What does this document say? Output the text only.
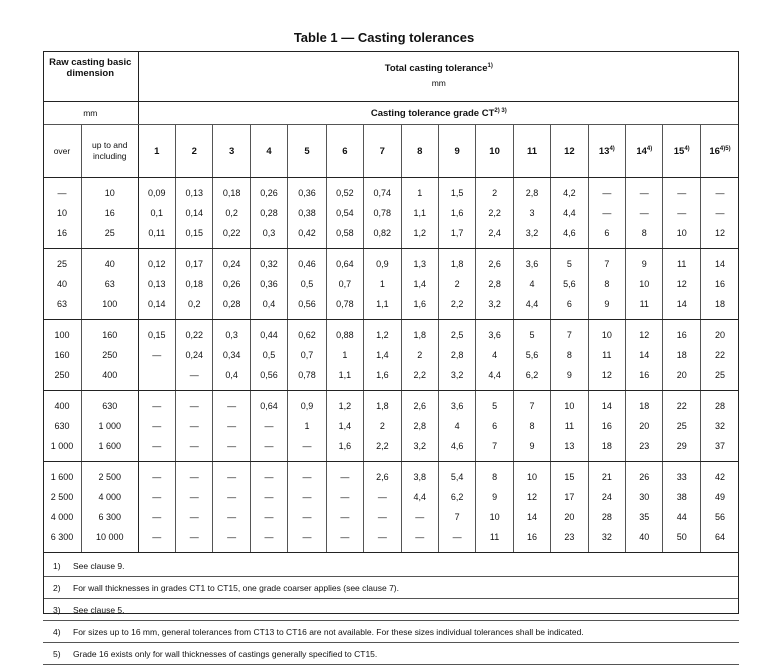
Table 1 — Casting tolerances
Raw casting basic dimension		Total casting tolerance$^{1)}$
mm															
mm		Casting tolerance grade $CT^{2) 3)}$
over	up to and including	1	2	3	4	5	6	7	8	9	10	11	12	13$^{4)}$	14$^{4)}$	15$^{4)}$	$16^{4)5)}$
—	10	0,09	0,13	0,18	0,26	0,36	0,52	0,74	1	1,5	2	2,8	4,2	—	—	—	—
10	16	0,1	0,14	0,2	0,28	0,38	0,54	0,78	1,1	1,6	2,2	3	4,4	—	—	—	—
16	25	0,11	0,15	0,22	0,3	0,42	0,58	0,82	1,2	1,7	2,4	3,2	4,6	6	8	10	12
25	40	0,12	0,17	0,24	0,32	0,46	0,64	0,9	1,3	1,8	2,6	3,6	5	7	9	11	14
40	63	0,13	0,18	0,26	0,36	0,5	0,7	1	1,4	2	2,8	4	5,6	8	10	12	16
63	100	0,14	0,2	0,28	0,4	0,56	0,78	1,1	1,6	2,2	3,2	4,4	6	9	11	14	18
100	160	0,15	0,22	0,3	0,44	0,62	0,88	1,2	1,8	2,5	3,6	5	7	10	12	16	20
160	250	—	0,24	0,34	0,5	0,7	1	1,4	2	2,8	4	5,6	8	11	14	18	22
250	400		—	0,4	0,56	0,78	1,1	1,6	2,2	3,2	4,4	6,2	9	12	16	20	25
400	630	—	—	—	0,64	0,9	1,2	1,8	2,6	3,6	5	7	10	14	18	22	28
630	1 000	—	—	—	—	1	1,4	2	2,8	4	6	8	11	16	20	25	32
1 000	1 600	—	—	—	—	—	1,6	2,2	3,2	4,6	7	9	13	18	23	29	37
1 600	2 500	—	—	—	—	—	—	2,6	3,8	5,4	8	10	15	21	26	33	42
2 500	4 000	—	—	—	—	—	—	—	4,4	6,2	9	12	17	24	30	38	49
4 000	6 300	—	—	—	—	—	—	—	—	7	10	14	20	28	35	44	56
6 300	10 000	—	—	—	—	—	—	—	—	—	11	16	23	32	40	50	64
1) See clause 9.																	
2) For wall thicknesses in grades CT1 to CT15, one grade coarser applies (see clause 7).																	
3) See clause 5.																	
4) For sizes up to 16 mm, general tolerances from CT13 to CT16 are not available. For these sizes individual tolerances shall be indicated.																	
5) Grade 16 exists only for wall thicknesses of castings generally specified to CT15.																	
